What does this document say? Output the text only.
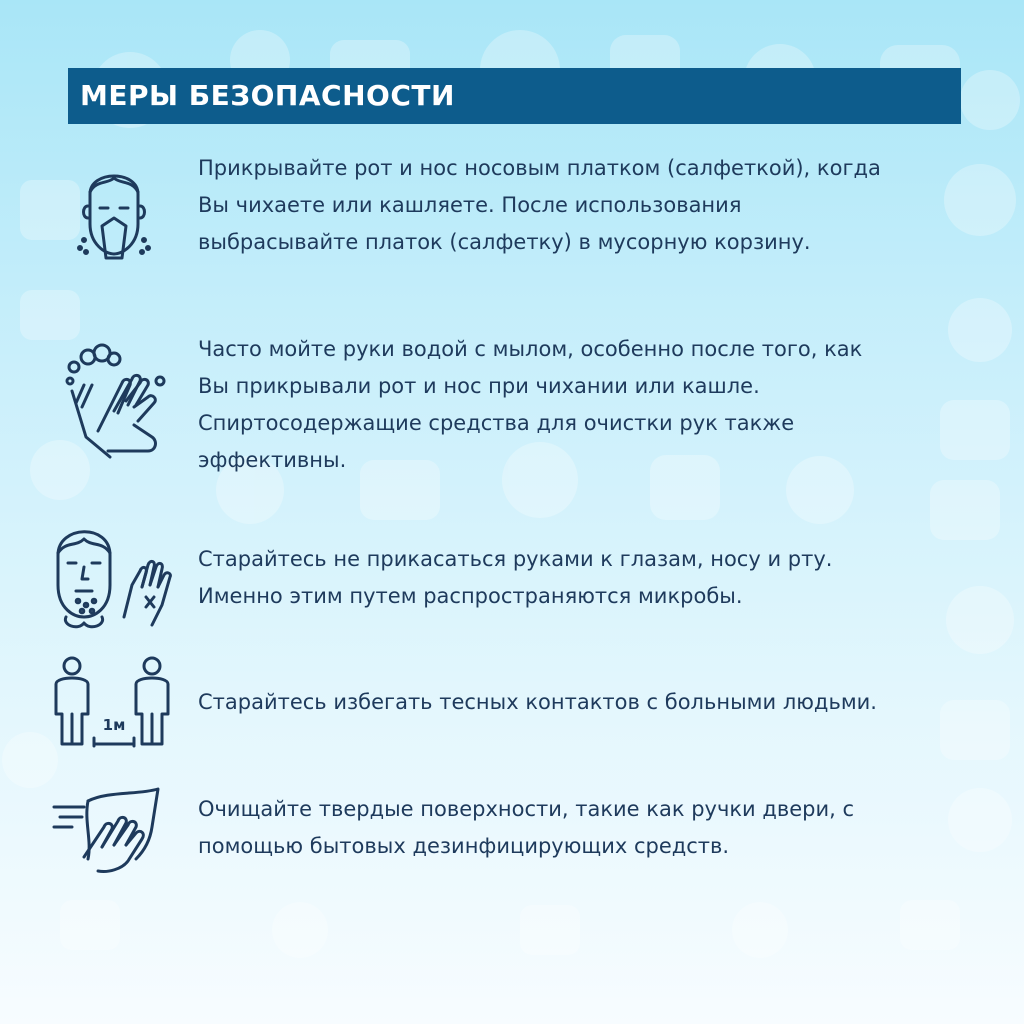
МЕРЫ БЕЗОПАСНОСТИ
Прикрывайте рот и нос носовым платком (салфеткой), когда
Вы чихаете или кашляете. После использования
выбрасывайте платок (салфетку) в мусорную корзину.
Часто мойте руки водой с мылом, особенно после того, как
Вы прикрывали рот и нос при чихании или кашле.
Спиртосодержащие средства для очистки рук также
эффективны.
Старайтесь не прикасаться руками к глазам, носу и рту.
Именно этим путем распространяются микробы.
1м
Старайтесь избегать тесных контактов с больными людьми.
Очищайте твердые поверхности, такие как ручки двери, с
помощью бытовых дезинфицирующих средств.
